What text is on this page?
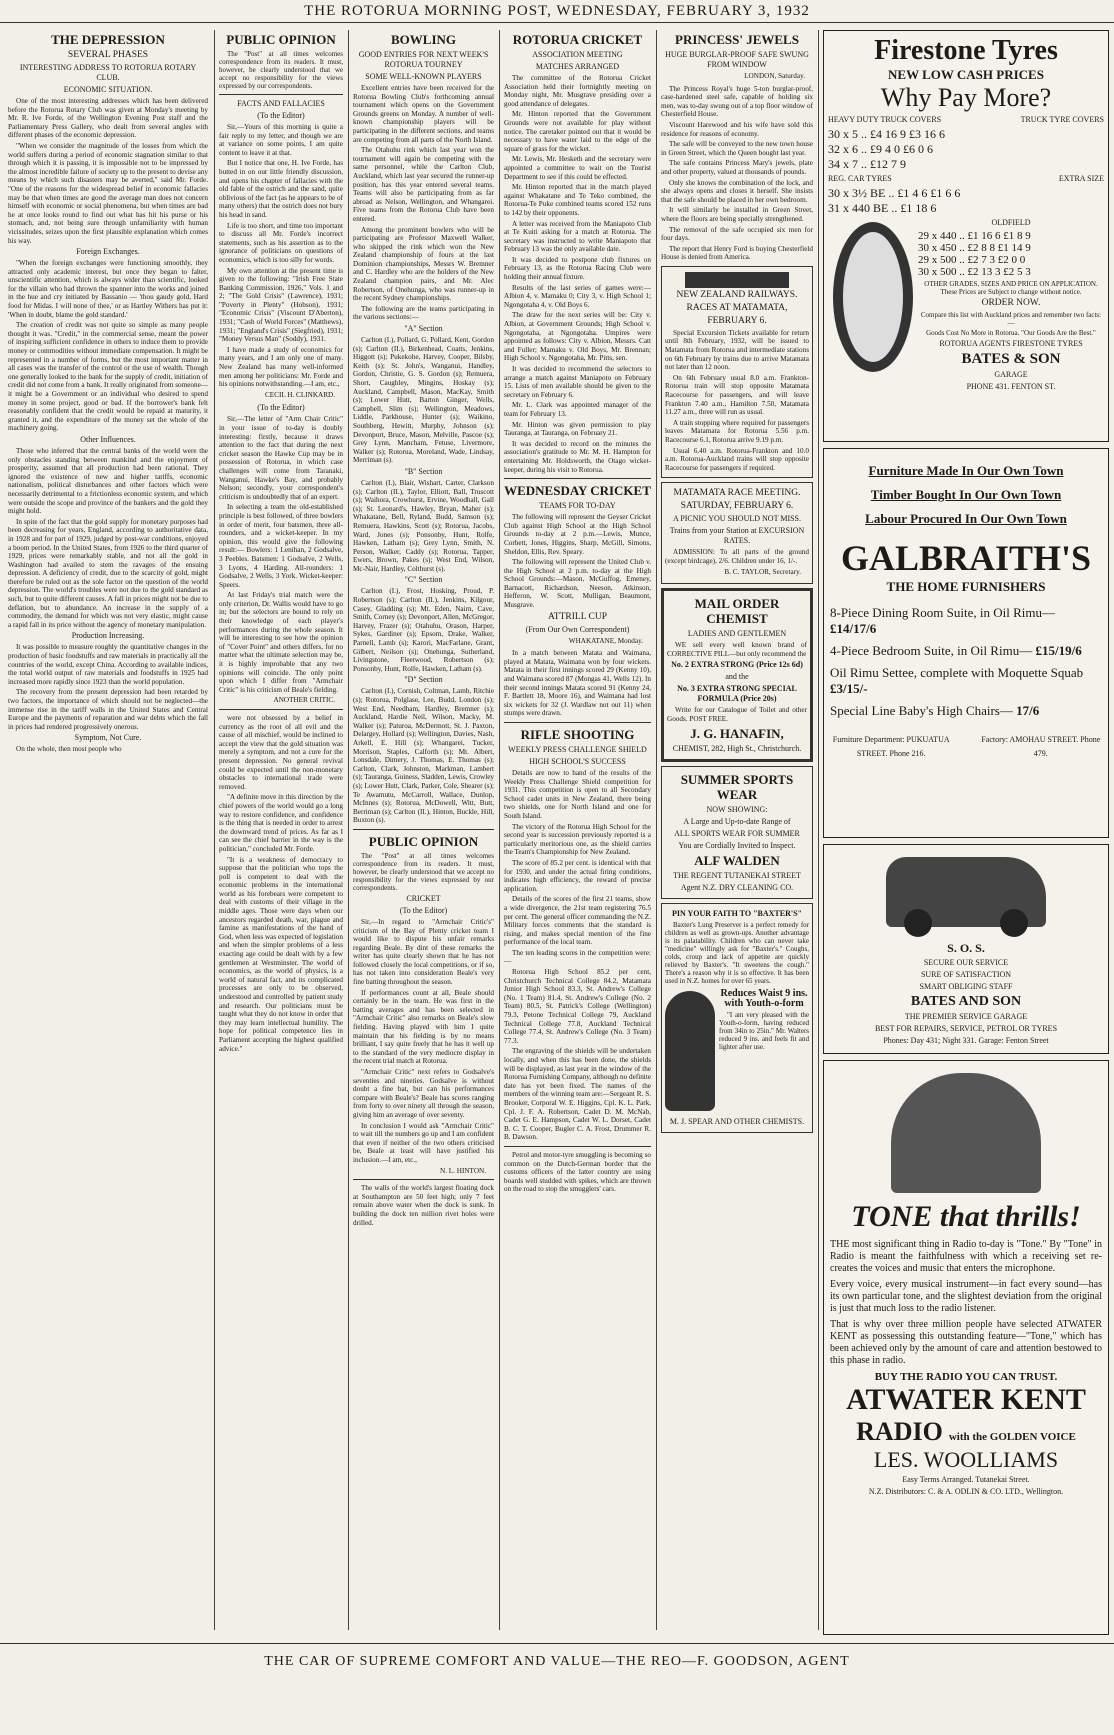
THE ROTORUA MORNING POST, WEDNESDAY, FEBRUARY 3, 1932
THE DEPRESSION
SEVERAL PHASES
INTERESTING ADDRESS TO ROTORUA ROTARY CLUB.
ECONOMIC SITUATION.

One of the most interesting addresses which has been delivered before the Rotorua Rotary Club was given at Monday's meeting by Mr. R. Ive Forde, of the Wellington Evening Post staff and the Parliamentary Press Gallery, who dealt from several angles with different phases of the economic depression.

"When we consider the magnitude of the losses from which the world suffers during a period of economic stagnation similar to that through which it is passing, it is impossible not to be impressed by the almost incredible failure of society up to the present to devise any means by which such disasters may be averted," said Mr. Forde. "One of the reasons for the widespread belief in economic fallacies may be that when times are good the average man does not concern himself with economic or social phenomena, but when times are bad he at once looks round to find out what has hit his purse or his stomach, and, not being sure through unfamiliarity with human vicissitudes, seizes upon the first plausible explanation which comes his way.

Foreign Exchanges.

"When the foreign exchanges were functioning smoothly, they attracted only academic interest, but once they began to falter, unscientific attention, which is always wider than scientific, looked for the villain who had thrown the spanner into the works and joined in the hue and cry initiated by Bassanio — 'thou gaudy gold, Hard food for Midas. I will none of thee,' or as Hartley Withers has put it: 'When in doubt, blame the gold standard.'

The creation of credit was not quite so simple as many people thought it was. "Credit," in the commercial sense, meant the power of inspiring sufficient confidence in others to induce them to provide money or commodities without immediate compensation. It might be represented in a number of forms, but the most important matter in all cases was the transfer of the control or the use of wealth. Though one generally looked to the bank for the supply of credit, initiation of credit did not come from a bank. It really originated from someone—it might be a Government or an individual who desired to spend money in some project, good or bad. If the borrower's bank felt reasonably confident that the credit would be repaid at maturity, it granted it, and the expenditure of the money set the whole of the machinery going.

Other Influences.

Those who inferred that the central banks of the world were the only obstacles standing between mankind and the enjoyment of prosperity, assumed that all production had been rational. They ignored the existence of new and higher tariffs, economic nationalism, political disturbances and other factors which were necessarily detrimental to a frictionless economic system, and which were outside the scope and province of the bankers and the gold they might hold.

In spite of the fact that the gold supply for monetary purposes had been decreasing for years, England, according to authoritative data, in 1928 and for part of 1929, judged by post-war conditions, enjoyed a boom period. In the United States, from 1926 to the third quarter of 1929, prices were remarkably stable, and not all the gold in Washington had availed to stem the ravages of the ensuing depression. A deficiency of credit, due to the scarcity of gold, might therefore be ruled out as the sole factor on the question of the world depression. The world's troubles were not due to the gold standard as such, but to quite different causes. A fall in prices might not be due to deflation, but to abundance. An increase in the supply of a commodity, the demand for which was not very elastic, might cause a rapid fall in its price without the agency of monetary manipulation.

Production Increasing.

It was possible to measure roughly the quantitative changes in the production of basic foodstuffs and raw materials in practically all the countries of the world, except China. According to available indices, the total world output of raw materials and foodstuffs in 1925 had increased more rapidly since 1923 than the world population.

The recovery from the present depression had been retarded by two factors, the importance of which should not be neglected—the immense rise in the tariff walls in the United States and Central Europe and the payments of reparation and war debts which the fall in prices had rendered progressively onerous.

Symptom, Not Cure.

On the whole, then most people who

PUBLIC OPINION

The "Post" at all times welcomes correspondence from its readers. It must, however, be clearly understood that we accept no responsibility for the views expressed by our correspondents.

FACTS AND FALLACIES
(To the Editor)

Sir,—Yours of this morning is quite a fair reply to my letter, and though we are at variance on some points, I am quite content to leave it at that.

But I notice that one, H. Ive Forde, has butted in on our little friendly discussion, and opens his chapter of fallacies with the old fable of the ostrich and the sand, quite oblivious of the fact (as he appears to be of many others) that the ostrich does not bury his head in sand.

Life is too short, and time too important to discuss all Mr. Forde's incorrect statements, such as his assertion as to the ignorance of politicians on questions of economics, which is too silly for words.

My own attention at the present time is given to the following: "Irish Free State Banking Commission, 1926," Vols. 1 and 2; "The Gold Crisis" (Lawrence), 1931; "Poverty in Plenty" (Hobson), 1931; "Economic Crisis" (Viscount D'Aberton), 1931; "Cash of World Forces" (Matthews), 1931; "England's Crisis" (Siegfried), 1931; "Money Versus Man" (Soddy), 1931.

I have made a study of economics for many years, and I am only one of many. New Zealand has many well-informed men among her politicians: Mr. Forde and his opinions notwithstanding.—I am, etc.,

CECIL H. CLINKARD.
(To the Editor)

Sir,—The letter of "Arm Chair Critic" in your issue of to-day is doubly interesting: firstly, because it draws attention to the fact that during the next cricket season the Hawke Cup may be in possession of Rotorua, in which case challenges will come from Taranaki, Wanganui, Hawke's Bay, and probably Nelson; secondly, your correspondent's criticism is undoubtedly that of an expert.

In selecting a team the old-established principle is best followed, of three bowlers in order of merit, four batsmen, three all-rounders, and a wicket-keeper. In my opinion, this would give the following result:— Bowlers: 1 Lenihan, 2 Godsalve, 3 Peebles. Batsmen: 1 Godsalve, 2 Wells, 3 Lyons, 4 Harding. All-rounders: 1 Godsalve, 2 Wells, 3 York. Wicket-keeper: Speers.

At last Friday's trial match were the only criterion, Dr. Wallis would have to go in; but the selectors are bound to rely on their knowledge of each player's performances during the whole season. It will be interesting to see how the opinion of "Cover Point" and others differs, for no matter what the ultimate selection may be, it is highly improbable that any two opinions will coincide. The only point upon which I differ from "Armchair Critic" is his criticism of Beale's fielding.

ANOTHER CRITIC.

were not obsessed by a belief in currency as the root of all evil and the cause of all mischief, would be inclined to accept the view that the gold situation was merely a symptom, and not a cure for the present depression. No general revival could be expected until the non-monetary obstacles to international trade were removed.

"A definite move in this direction by the chief powers of the world would go a long way to restore confidence, and confidence is the thing that is needed in order to arrest the downward trend of prices. As far as I can see the chief barrier in the way is the politician," concluded Mr. Forde.

"It is a weakness of democracy to suppose that the politician who tops the poll is competent to deal with the economic problems in the international world as his forebears were competent to deal with customs of their village in the middle ages. Those were days when our ancestors regarded death, war, plague and famine as manifestations of the hand of God, when less was expected of legislation and when the simpler problems of a less exacting age could be dealt with by a few gentlemen at Westminster. The world of economics, as the world of physics, is a world of natural fact, and its complicated processes are only to be observed, understood and controlled by patient study and research. Our politicians must be taught what they do not know in order that they may learn intellectual humility. The hope for political competence lies in Parliament accepting the highest qualified advice."

BOWLING
GOOD ENTRIES FOR NEXT WEEK'S ROTORUA TOURNEY
SOME WELL-KNOWN PLAYERS

Excellent entries have been received for the Rotorua Bowling Club's forthcoming annual tournament which opens on the Government Grounds greens on Monday. A number of well-known championship players will be participating in the different sections, and teams are competing from all parts of the North Island.

The Otahuhu rink which last year won the tournament will again be competing with the same personnel, while the Carlton Club, Auckland, which last year secured the runner-up position, has this year entered several teams. Teams will also be participating from as far abroad as Nelson, Wellington, and Whangarei. Five teams from the Rotorua Club have been entered.

Among the prominent bowlers who will be participating are Professor Maxwell Walker, who skipped the rink which won the New Zealand championship of fours at the last Dominion championships, Messrs W. Bremner and C. Hardley who are the holders of the New Zealand champion pairs, and Mr. Alec Robertson, of Onehunga, who was runner-up in the recent Sydney championships.

The following are the teams participating in the various sections:—

"A" Section

Carlton (I.), Pollard, G. Pollard, Kent, Gordon (s); Carlton (II.), Birkenhead, Coatts, Jenkins, Higgott (s); Pukekohe, Harvey, Cooper, Bilsby, Keith (s); St. John's, Wanganui, Handley, Gordon, Christie, G. S. Gordon (s); Remuera, Short, Caughley, Mingins, Hoskay (s); Auckland, Campbell, Mason, MacKay, Smith (s); Lower Hutt, Barton Ginger, Wells, Campbell, Slim (s); Wellington, Meadows, Liddle, Parkhouse, Hunter (s); Waikino, Southberg, Hewitt, Murphy, Johnson (s); Devonport, Bruce, Mason, Melville, Pascoe (s); Grey Lynn, Mancham, Fetuse, Livermore, Walker (s); Rotorua, Moreland, Wade, Lindsay, Merriman (s).

"B" Section

Carlton (I.), Blair, Wishart, Carter, Clarkson (s); Carlton (II.), Taylor, Elliott, Ball, Truscott (s); Waihora, Crowhurst, Ervine, Woodhall, Gall (s); St. Leonard's, Hawley, Bryan, Maher (s); Whakatane, Bell, Ryland, Budd, Samson (s); Remuera, Hawkins, Scott (s); Rotorua, Jacobs, Ward, Jones (s); Ponsonby, Hunt, Rolfe, Hawken, Latham (s); Grey Lynn, Smith, N. Person, Walker, Caddy (s); Rotorua, Tapper, Ewers, Brown, Pakes (s); West End, Wilson, Mc-Nair, Hardley, Colthurst (s).

"C" Section

Carlton (I.), Frost, Hosking, Proud, P. Robertson (s); Carlton (II.), Jenkins, Kilgour, Casey, Gladding (s); Mt. Eden, Nairn, Cave, Smith, Corney (s); Devonport, Allen, McGregor, Harvey, Frazer (s); Otahuhu, Orason, Harper, Sykes, Gardiner (s); Epsom, Drake, Walker, Parnell, Lamb (s); Karori, MacFarlane, Grant, Gilbert, Neilson (s); Onehunga, Sutherland, Livingstone, Fleetwood, Robertson (s); Ponsonby, Hunt, Rolfe, Hawken, Latham (s).

"D" Section

Carlton (I.), Cornish, Coltman, Lamb, Ritchie (s); Rotorua, Polglase, Lee, Budd, London (s); West End, Needham, Hardley, Bremner (s); Auckland, Hardie Neil, Wilson, Macky, M. Walker (s); Paturoa, McDermott, St. J. Paxton, Delargey, Hollard (s); Wellington, Davies, Nash, Arkell, E. Hill (s); Whangarei, Tucker, Morrison, Staples, Calforth (s); Mt. Albert, Lonsdale, Dimery, J. Thomas, E. Thomas (s); Carlton, Clark, Johnston, Markman, Lambert (s); Tauranga, Guiness, Sladden, Lewis, Crowley (s); Lower Hutt, Clark, Parker, Cole, Shearer (s); Te Awamutu, McCarroll, Wallace, Dunlop, McInnes (s); Rotorua, McDowell, Witt, Butt, Berriman (s); Carlton (II.), Hinton, Buckle, Hill, Buxton (s).

PUBLIC OPINION

The "Post" at all times welcomes correspondence from its readers. It must, however, be clearly understood that we accept no responsibility for the views expressed by our correspondents.

CRICKET
(To the Editor)

Sir,—In regard to "Armchair Critic's" criticism of the Bay of Plenty cricket team I would like to dispute his unfair remarks regarding Beale. By dint of these remarks the writer has quite clearly shown that he has not followed closely the local competitions, or if so, has not taken into consideration Beale's very fine batting throughout the season.

If performances count at all, Beale should certainly be in the team. He was first in the batting averages and has been selected in "Armchair Critic" also remarks on Beale's slow fielding. Having played with him I quite maintain that his fielding is by no means brilliant, I say quite freely that he has it well up to the standard of the very mediocre display in the recent trial match at Rotorua.

"Armchair Critic" next refers to Godsalve's seventies and nineties. Godsalve is without doubt a fine bat, but can his performances compare with Beale's? Beale has scores ranging from forty to over ninety all through the season, giving him an average of over seventy.

In conclusion I would ask "Armchair Critic" to wait till the numbers go up and I am confident that even if neither of the two others criticised be, Beale at least will have justified his inclusion.—I am, etc.,

N. L. HINTON.

The walls of the world's largest floating dock at Southampton are 50 feet high; only 7 feet remain above water when the dock is sunk. In building the dock ten million rivet holes were drilled.

ROTORUA CRICKET
ASSOCIATION MEETING
MATCHES ARRANGED

The committee of the Rotorua Cricket Association held their fortnightly meeting on Monday night, Mr. Musgrave presiding over a good attendance of delegates.

Mr. Hinton reported that the Government Grounds were not available for play without notice. The caretaker pointed out that it would be necessary to have water laid to the edge of the square of grass for the wicket.

Mr. Lewis, Mr. Hesketh and the secretary were appointed a committee to wait on the Tourist Department to see if this could be effected.

Mr. Hinton reported that in the match played against Whakatane and Te Teko combined, the Rotorua-Te Puke combined teams scored 152 runs to 142 by their opponents.

A letter was received from the Maniapoto Club at Te Kuiti asking for a match at Rotorua. The secretary was instructed to write Maniapoto that February 13 was the only available date.

It was decided to postpone club fixtures on February 13, as the Rotorua Racing Club were holding their annual fixture.

Results of the last series of games were:—Albion 4, v. Mamaku 0; City 3, v. High School 1; Ngongotaha 4, v. Old Boys 6.

The draw for the next series will be: City v. Albion, at Government Grounds; High School v. Ngongotaha, at Ngongotaha. Umpires were appointed as follows: City v. Albion, Messrs. Catt and Fuller; Mamaku v. Old Boys, Mr. Brennan; High School v. Ngongotaha, Mr. Pitts, sen.

It was decided to recommend the selectors to arrange a match against Maniapoto on February 15. Lists of men available should be given to the secretary on February 6.

Mr. L. Clark was appointed manager of the team for February 13.

Mr. Hinton was given permission to play Tauranga, at Tauranga, on February 21.

It was decided to record on the minutes the association's gratitude to Mr. M. H. Hampton for entertaining Mr. Holdsworth, the Otago wicket-keeper, during his visit to Rotorua.

WEDNESDAY CRICKET
TEAMS FOR TO-DAY

The following will represent the Geyser Cricket Club against High School at the High School Grounds to-day at 2 p.m.—Lewis, Munce, Corbett, Jones, Higgins, Sharp, McGill, Simons, Sheldon, Ellis, Rev. Speary.

The following will represent the United Club v. the High School at 2 p.m. to-day at the High School Grounds:—Mason, McGuffog, Emeney, Barnacott, Richardson, Neeson, Atkinson, Hefferon, W. Scott, Mulligan, Beaumont, Musgrave.

ATTRILL CUP
(From Our Own Correspondent)
WHAKATANE, Monday.

In a match between Matata and Waimana, played at Matata, Waimana won by four wickets. Matata in their first innings scored 29 (Kenny 10), and Waimana scored 87 (Mongas 41, Wells 12). In their second innings Matata scored 91 (Kenny 24, F. Bartlett 18, Moore 16), and Waimana had lost six wickets for 32 (J. Wardlaw not out 11) when stumps were drawn.

RIFLE SHOOTING
WEEKLY PRESS CHALLENGE SHIELD
HIGH SCHOOL'S SUCCESS

Details are now to hand of the results of the Weekly Press Challenge Shield competition for 1931. This competition is open to all Secondary School cadet units in New Zealand, there being two shields, one for North Island and one for South Island.

The victory of the Rotorua High School for the second year is succession previously reported is a particularly meritorious one, as the shield carries the Team's Championship for New Zealand.

The score of 85.2 per cent. is identical with that for 1930, and under the actual firing conditions, indicates high efficiency, the reward of precise application.

Details of the scores of the first 21 teams, show a wide divergence, the 21st team registering 76.5 per cent. The general officer commanding the N.Z. Military forces comments that the standard is rising, and makes special mention of the fine performance of the local team.

The ten leading scores in the competition were:—

Rotorua High School 85.2 per cent, Christchurch Technical College 84.2, Matamata Junior High School 83.3, St. Andrew's College (No. 1 Team) 81.4, St. Andrew's College (No. 2 Team) 80.5, St. Patrick's College (Wellington) 79.3, Petone Technical College 79, Auckland Technical College 77.8, Auckland Technical College 77.4, St. Andrew's College (No. 3 Team) 77.3.

The engraving of the shields will be undertaken locally, and when this has been done, the shields will be displayed, as last year in the window of the Rotorua Furnishing Company, although no definite date has yet been fixed. The names of the members of the winning team are:—Sergeant R. S. Brooker, Corporal W. E. Higgins, Cpl. K. L. Park, Cpl. J. F. A. Robertson, Cadet D. M. McNab, Cadet G. E. Hampson, Cadet W. L. Dorset, Cadet B. C. T. Cooper, Bugler C. A. Frost, Drummer R. B. Dawson.

Petrol and motor-tyre smuggling is becoming so common on the Dutch-German border that the customs officers of the latter country are using boards well studded with spikes, which are thrown on the road to stop the smugglers' cars.

PRINCESS' JEWELS
HUGE BURGLAR-PROOF SAFE SWUNG FROM WINDOW
LONDON, Saturday.

The Princess Royal's huge 5-ton burglar-proof, case-hardened steel safe, capable of holding six men, was to-day swung out of a top floor window of Chesterfield House.

Viscount Harewood and his wife have sold this residence for reasons of economy.

The safe will be conveyed to the new town house in Green Street, which the Queen bought last year.

The safe contains Princess Mary's jewels, plate and other property, valued at thousands of pounds.

Only she knows the combination of the lock, and she always opens and closes it herself. She insists that the safe should be placed in her own bedroom.

It will similarly be installed in Green Street, where the floors are being specially strengthened.

The removal of the safe occupied six men for four days.

The report that Henry Ford is buying Chesterfield House is denied from America.

NEW ZEALAND RAILWAYS.
RACES AT MATAMATA,
FEBRUARY 6.

Special Excursion Tickets available for return until 8th February, 1932, will be issued to Matamata from Rotorua and intermediate stations on 6th February by trains due to arrive Matamata not later than 12 noon.

On 6th February usual 8.0 a.m. Frankton-Rotorua train will stop opposite Matamata Racecourse for passengers, and will leave Frankton 7.40 a.m., Hamilton 7.50, Matamata 11.27 a.m., three will run as usual.

A train stopping where required for passengers leaves Matamata for Rotorua 5.56 p.m. Racecourse 6.1, Rotorua arrive 9.19 p.m.

Usual 6.40 a.m. Rotorua-Frankton and 10.0 a.m. Rotorua-Auckland trains will stop opposite Racecourse for passengers if required.

MATAMATA RACE MEETING.
SATURDAY, FEBRUARY 6.
A PICNIC YOU SHOULD NOT MISS.
Trains from your Station at EXCURSION RATES.

ADMISSION: To all parts of the ground (except birdcage), 2/6. Children under 16, 1/-.

B. C. TAYLOR, Secretary.
MAIL ORDER CHEMIST
LADIES AND GENTLEMEN

WE sell every well known brand of CORRECTIVE PILL—but only recommend the

No. 2 EXTRA STRONG (Price 12s 6d)
and the
No. 3 EXTRA STRONG SPECIAL FORMULA (Price 20s)

Write for our Catalogue of Toilet and other Goods. POST FREE.

J. G. HANAFIN,
CHEMIST, 282, High St., Christchurch.
SUMMER SPORTS WEAR
NOW SHOWING:
A Large and Up-to-date Range of
ALL SPORTS WEAR FOR SUMMER
You are Cordially Invited to Inspect.
ALF WALDEN
THE REGENT TUTANEKAI STREET
Agent N.Z. DRY CLEANING CO.
PIN YOUR FAITH TO "BAXTER'S"

Baxter's Lung Preserver is a perfect remedy for children as well as grown-ups. Another advantage is its palatability. Children who can never take "medicine" willingly ask for "Baxter's." Coughs, colds, croup and lack of appetite are quickly relieved by Baxter's. "It sweetens the cough." There's a reason why it is so effective. It has been used in N.Z. homes for over 65 years.

Reduces Waist 9 ins. with Youth-o-form

"I am very pleased with the Youth-o-form, having reduced from 34in to 25in." Mr. Walters reduced 9 ins. and feels fit and lighter after use.

M. J. SPEAR AND OTHER CHEMISTS.
Firestone Tyres
NEW LOW CASH PRICES
Why Pay More?
HEAVY DUTY TRUCK COVERS	TRUCK TYRE COVERS
30 x 5 .. £4 16 9 £3 16 6
32 x 6 .. £9 4 0 £6 0 6
34 x 7 .. £12 7 9
REG. CAR TYRES	EXTRA SIZE
30 x 3½ BE .. £1 4 6 £1 6 6
31 x 440 BE .. £1 18 6
OLDFIELD
29 x 440 .. £1 16 6 £1 8 9
30 x 450 .. £2 8 8 £1 14 9
29 x 500 .. £2 7 3 £2 0 0
30 x 500 .. £2 13 3 £2 5 3
OTHER GRADES, SIZES AND PRICE ON APPLICATION. These Prices are Subject to change without notice.
ORDER NOW.
Compare this list with Auckland prices and remember two facts:—
Goods Cost No More in Rotorua. "Our Goods Are the Best."
ROTORUA AGENTS FIRESTONE TYRES
BATES & SON
GARAGE
PHONE 431. FENTON ST.
Furniture Made In Our Own Town
Timber Bought In Our Own Town
Labour Procured In Our Own Town
GALBRAITH'S
THE HOME FURNISHERS
8-Piece Dining Room Suite, in Oil Rimu— £14/17/6
4-Piece Bedroom Suite, in Oil Rimu— £15/19/6
Oil Rimu Settee, complete with Moquette Squab £3/15/-
Special Line Baby's High Chairs— 17/6
Furniture Department: PUKUATUA STREET. Phone 216.
Factory: AMOHAU STREET. Phone 479.
S. O. S.
SECURE OUR SERVICE
SURE OF SATISFACTION
SMART OBLIGING STAFF
BATES AND SON
THE PREMIER SERVICE GARAGE
BEST FOR REPAIRS, SERVICE, PETROL OR TYRES
Phones: Day 431; Night 331. Garage: Fenton Street
TONE that thrills!

THE most significant thing in Radio to-day is "Tone." By "Tone" in Radio is meant the faithfulness with which a receiving set re-creates the voices and music that enters the microphone.

Every voice, every musical instrument—in fact every sound—has its own particular tone, and the slightest deviation from the original is just that much loss to the radio listener.

That is why over three million people have selected ATWATER KENT as possessing this outstanding feature—"Tone," which has been achieved only by the amount of care and attention bestowed to this phase in radio.

BUY THE RADIO YOU CAN TRUST.
ATWATER KENT
RADIO with the GOLDEN VOICE
LES. WOOLLIAMS
Easy Terms Arranged. Tutanekai Street.
N.Z. Distributors: C. & A. ODLIN & CO. LTD., Wellington.
THE CAR OF SUPREME COMFORT AND VALUE—THE REO—F. GOODSON, AGENT
